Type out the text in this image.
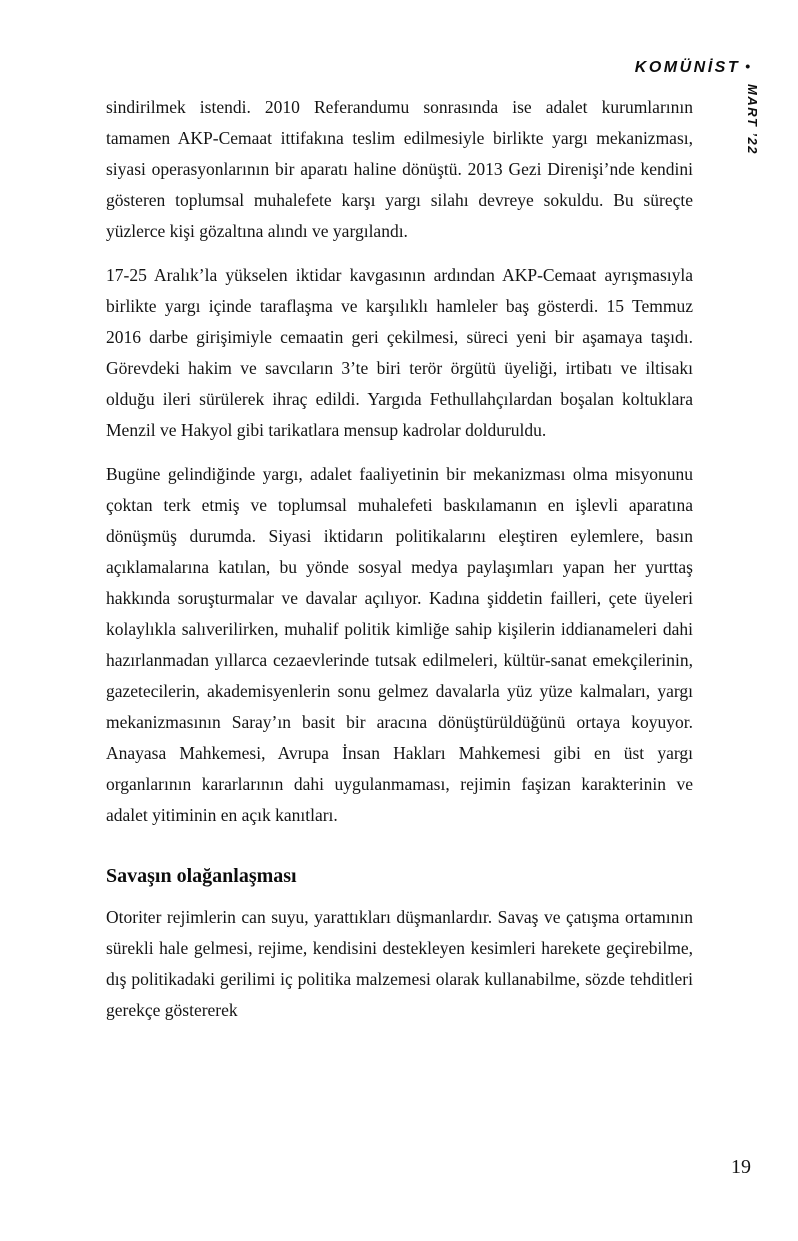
KOMÜNİST •
MART ’22

sindirilmek istendi. 2010 Referandumu sonrasında ise adalet kurumlarının tamamen AKP-Cemaat ittifakına teslim edilmesiyle birlikte yargı mekanizması, siyasi operasyonlarının bir aparatı haline dönüştü. 2013 Gezi Direnişi’nde kendini gösteren toplumsal muhalefete karşı yargı silahı devreye sokuldu. Bu süreçte yüzlerce kişi gözaltına alındı ve yargılandı.

17-25 Aralık’la yükselen iktidar kavgasının ardından AKP-Cemaat ayrışmasıyla birlikte yargı içinde taraflaşma ve karşılıklı hamleler baş gösterdi. 15 Temmuz 2016 darbe girişimiyle cemaatin geri çekilmesi, süreci yeni bir aşamaya taşıdı. Görevdeki hakim ve savcıların 3’te biri terör örgütü üyeliği, irtibatı ve iltisakı olduğu ileri sürülerek ihraç edildi. Yargıda Fethullahçılardan boşalan koltuklara Menzil ve Hakyol gibi tarikatlara mensup kadrolar dolduruldu.

Bugüne gelindiğinde yargı, adalet faaliyetinin bir mekanizması olma misyonunu çoktan terk etmiş ve toplumsal muhalefeti baskılamanın en işlevli aparatına dönüşmüş durumda. Siyasi iktidarın politikalarını eleştiren eylemlere, basın açıklamalarına katılan, bu yönde sosyal medya paylaşımları yapan her yurttaş hakkında soruşturmalar ve davalar açılıyor. Kadına şiddetin failleri, çete üyeleri kolaylıkla salıverilirken, muhalif politik kimliğe sahip kişilerin iddianameleri dahi hazırlanmadan yıllarca cezaevlerinde tutsak edilmeleri, kültür-sanat emekçilerinin, gazetecilerin, akademisyenlerin sonu gelmez davalarla yüz yüze kalmaları, yargı mekanizmasının Saray’ın basit bir aracına dönüştürüldüğünü ortaya koyuyor. Anayasa Mahkemesi, Avrupa İnsan Hakları Mahkemesi gibi en üst yargı organlarının kararlarının dahi uygulanmaması, rejimin faşizan karakterinin ve adalet yitiminin en açık kanıtları.

Savaşın olağanlaşması

Otoriter rejimlerin can suyu, yarattıkları düşmanlardır. Savaş ve çatışma ortamının sürekli hale gelmesi, rejime, kendisini destekleyen kesimleri harekete geçirebilme, dış politikadaki gerilimi iç politika malzemesi olarak kullanabilme, sözde tehditleri gerekçe göstererek

19
